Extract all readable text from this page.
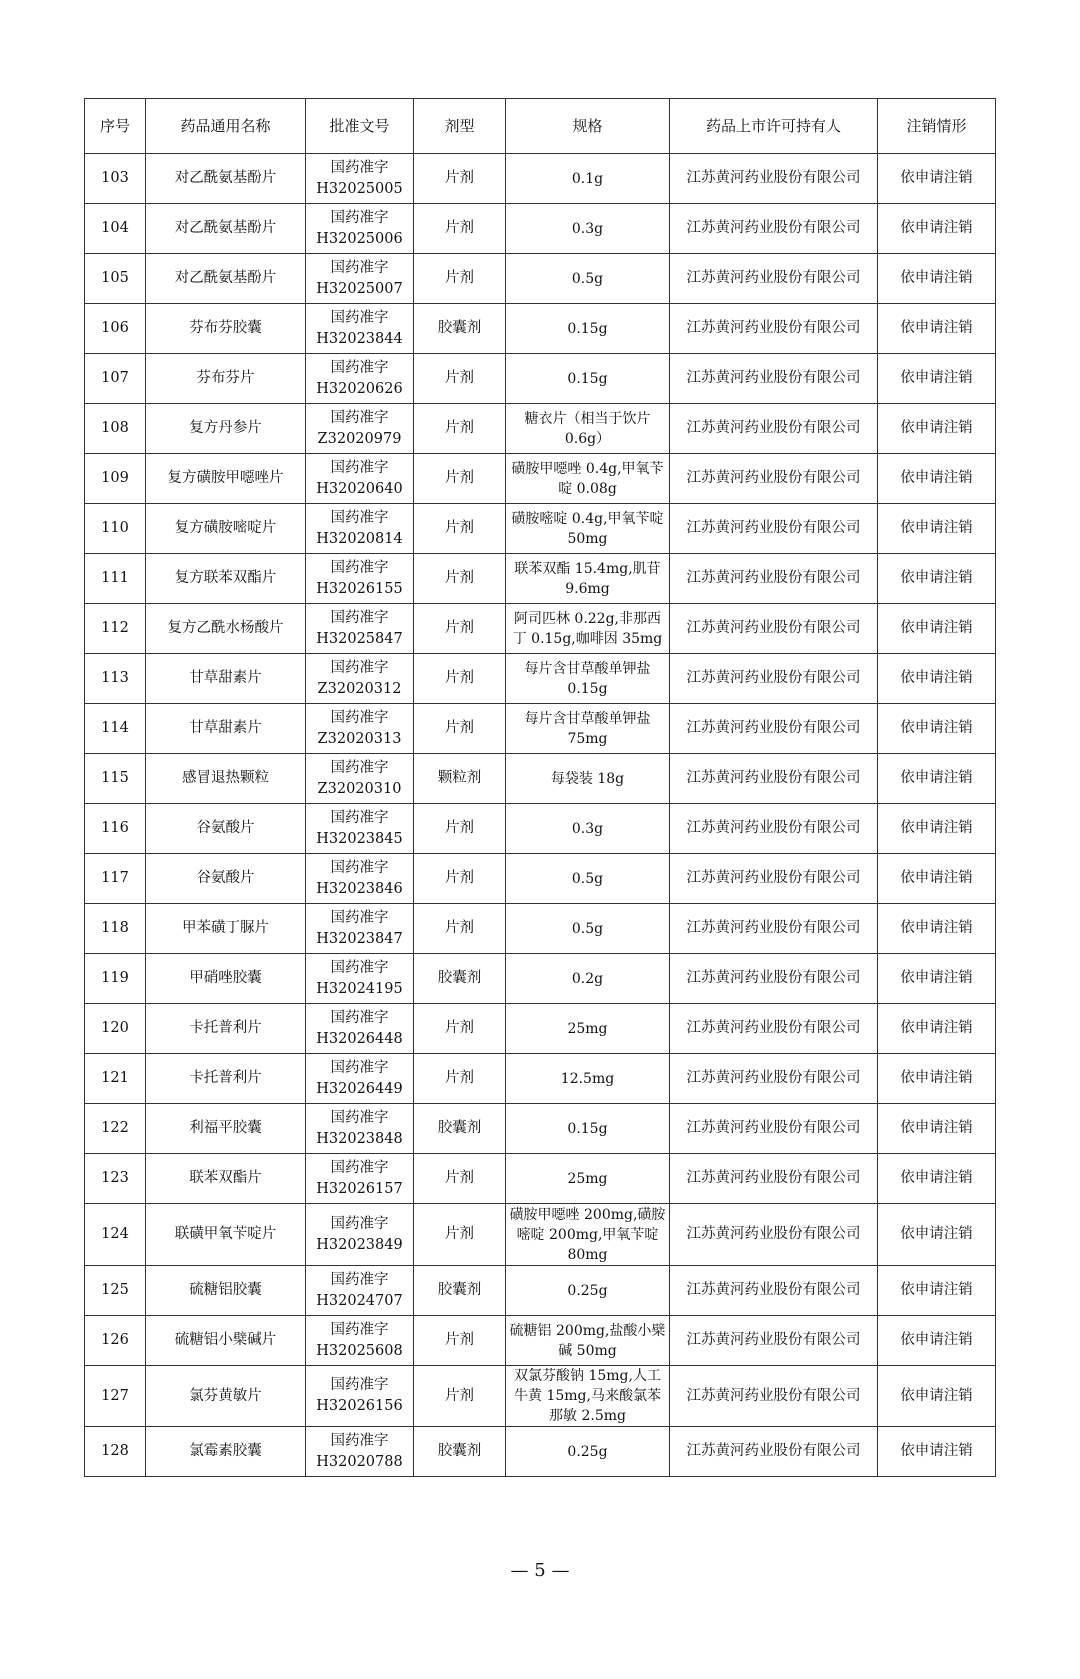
序号	药品通用名称	批准文号	剂型	规格	药品上市许可持有人	注销情形
103	对乙酰氨基酚片	国药准字
H32025005	片剂	0.1g	江苏黄河药业股份有限公司	依申请注销
104	对乙酰氨基酚片	国药准字
H32025006	片剂	0.3g	江苏黄河药业股份有限公司	依申请注销
105	对乙酰氨基酚片	国药准字
H32025007	片剂	0.5g	江苏黄河药业股份有限公司	依申请注销
106	芬布芬胶囊	国药准字
H32023844	胶囊剂	0.15g	江苏黄河药业股份有限公司	依申请注销
107	芬布芬片	国药准字
H32020626	片剂	0.15g	江苏黄河药业股份有限公司	依申请注销
108	复方丹参片	国药准字
Z32020979	片剂	糖衣片（相当于饮片
0.6g）	江苏黄河药业股份有限公司	依申请注销
109	复方磺胺甲噁唑片	国药准字
H32020640	片剂	磺胺甲噁唑 0.4g,甲氧苄
啶 0.08g	江苏黄河药业股份有限公司	依申请注销
110	复方磺胺嘧啶片	国药准字
H32020814	片剂	磺胺嘧啶 0.4g,甲氧苄啶
50mg	江苏黄河药业股份有限公司	依申请注销
111	复方联苯双酯片	国药准字
H32026155	片剂	联苯双酯 15.4mg,肌苷
9.6mg	江苏黄河药业股份有限公司	依申请注销
112	复方乙酰水杨酸片	国药准字
H32025847	片剂	阿司匹林 0.22g,非那西
丁 0.15g,咖啡因 35mg	江苏黄河药业股份有限公司	依申请注销
113	甘草甜素片	国药准字
Z32020312	片剂	每片含甘草酸单钾盐
0.15g	江苏黄河药业股份有限公司	依申请注销
114	甘草甜素片	国药准字
Z32020313	片剂	每片含甘草酸单钾盐
75mg	江苏黄河药业股份有限公司	依申请注销
115	感冒退热颗粒	国药准字
Z32020310	颗粒剂	每袋装 18g	江苏黄河药业股份有限公司	依申请注销
116	谷氨酸片	国药准字
H32023845	片剂	0.3g	江苏黄河药业股份有限公司	依申请注销
117	谷氨酸片	国药准字
H32023846	片剂	0.5g	江苏黄河药业股份有限公司	依申请注销
118	甲苯磺丁脲片	国药准字
H32023847	片剂	0.5g	江苏黄河药业股份有限公司	依申请注销
119	甲硝唑胶囊	国药准字
H32024195	胶囊剂	0.2g	江苏黄河药业股份有限公司	依申请注销
120	卡托普利片	国药准字
H32026448	片剂	25mg	江苏黄河药业股份有限公司	依申请注销
121	卡托普利片	国药准字
H32026449	片剂	12.5mg	江苏黄河药业股份有限公司	依申请注销
122	利福平胶囊	国药准字
H32023848	胶囊剂	0.15g	江苏黄河药业股份有限公司	依申请注销
123	联苯双酯片	国药准字
H32026157	片剂	25mg	江苏黄河药业股份有限公司	依申请注销
124	联磺甲氧苄啶片	国药准字
H32023849	片剂	磺胺甲噁唑 200mg,磺胺
嘧啶 200mg,甲氧苄啶
80mg	江苏黄河药业股份有限公司	依申请注销
125	硫糖铝胶囊	国药准字
H32024707	胶囊剂	0.25g	江苏黄河药业股份有限公司	依申请注销
126	硫糖铝小檗碱片	国药准字
H32025608	片剂	硫糖铝 200mg,盐酸小檗
碱 50mg	江苏黄河药业股份有限公司	依申请注销
127	氯芬黄敏片	国药准字
H32026156	片剂	双氯芬酸钠 15mg,人工
牛黄 15mg,马来酸氯苯
那敏 2.5mg	江苏黄河药业股份有限公司	依申请注销
128	氯霉素胶囊	国药准字
H32020788	胶囊剂	0.25g	江苏黄河药业股份有限公司	依申请注销
— 5 —
